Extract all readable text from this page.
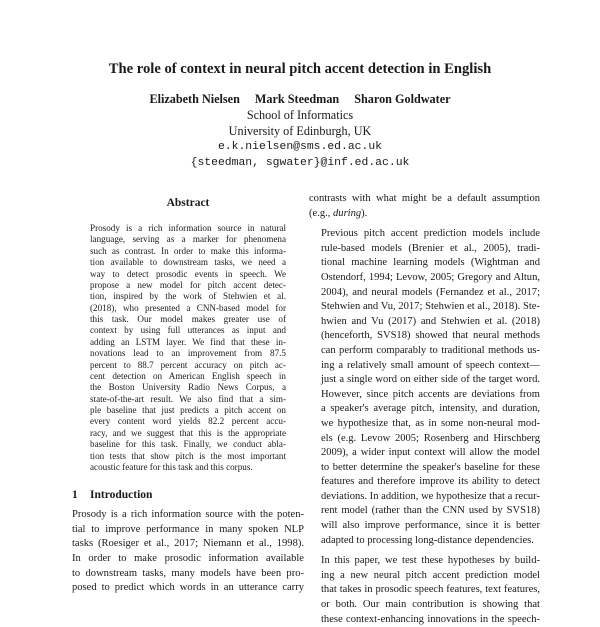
The role of context in neural pitch accent detection in English
Elizabeth Nielsen Mark Steedman Sharon Goldwater
School of Informatics
University of Edinburgh, UK
e.k.nielsen@sms.ed.ac.uk
{steedman, sgwater}@inf.ed.ac.uk
Abstract
Prosody is a rich information source in natural
language, serving as a marker for phenomena
such as contrast. In order to make this informa-
tion available to downstream tasks, we need a
way to detect prosodic events in speech. We
propose a new model for pitch accent detec-
tion, inspired by the work of Stehwien et al.
(2018), who presented a CNN-based model for
this task. Our model makes greater use of
context by using full utterances as input and
adding an LSTM layer. We find that these in-
novations lead to an improvement from 87.5
percent to 88.7 percent accuracy on pitch ac-
cent detection on American English speech in
the Boston University Radio News Corpus, a
state-of-the-art result. We also find that a sim-
ple baseline that just predicts a pitch accent on
every content word yields 82.2 percent accu-
racy, and we suggest that this is the appropriate
baseline for this task. Finally, we conduct abla-
tion tests that show pitch is the most important
acoustic feature for this task and this corpus.
1 Introduction
Prosody is a rich information source with the poten-
tial to improve performance in many spoken NLP
tasks (Roesiger et al., 2017; Niemann et al., 1998).
In order to make prosodic information available
to downstream tasks, many models have been pro-
posed to predict which words in an utterance carry
contrasts with what might be a default assumption
(e.g., during).
Previous pitch accent prediction models include
rule-based models (Brenier et al., 2005), tradi-
tional machine learning models (Wightman and
Ostendorf, 1994; Levow, 2005; Gregory and Altun,
2004), and neural models (Fernandez et al., 2017;
Stehwien and Vu, 2017; Stehwien et al., 2018). Ste-
hwien and Vu (2017) and Stehwien et al. (2018)
(henceforth, SVS18) showed that neural methods
can perform comparably to traditional methods us-
ing a relatively small amount of speech context—
just a single word on either side of the target word.
However, since pitch accents are deviations from
a speaker's average pitch, intensity, and duration,
we hypothesize that, as in some non-neural mod-
els (e.g. Levow 2005; Rosenberg and Hirschberg
2009), a wider input context will allow the model
to better determine the speaker's baseline for these
features and therefore improve its ability to detect
deviations. In addition, we hypothesize that a recur-
rent model (rather than the CNN used by SVS18)
will also improve performance, since it is better
adapted to processing long-distance dependencies.
In this paper, we test these hypotheses by build-
ing a new neural pitch accent prediction model
that takes in prosodic speech features, text features,
or both. Our main contribution is showing that
these context-enhancing innovations in the speech-
